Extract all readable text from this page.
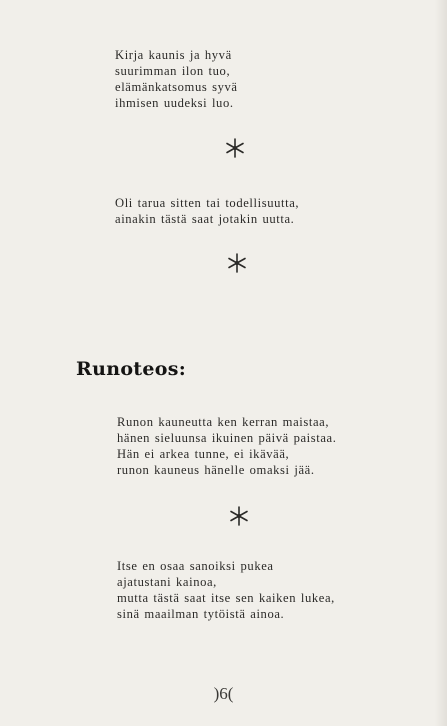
Kirja kaunis ja hyvä
suurimman ilon tuo,
elämänkatsomus syvä
ihmisen uudeksi luo.
Oli tarua sitten tai todellisuutta,
ainakin tästä saat jotakin uutta.
Runoteos:
Runon kauneutta ken kerran maistaa,
hänen sieluunsa ikuinen päivä paistaa.
Hän ei arkea tunne, ei ikävää,
runon kauneus hänelle omaksi jää.
Itse en osaa sanoiksi pukea
ajatustani kainoa,
mutta tästä saat itse sen kaiken lukea,
sinä maailman tytöistä ainoa.
)6(
